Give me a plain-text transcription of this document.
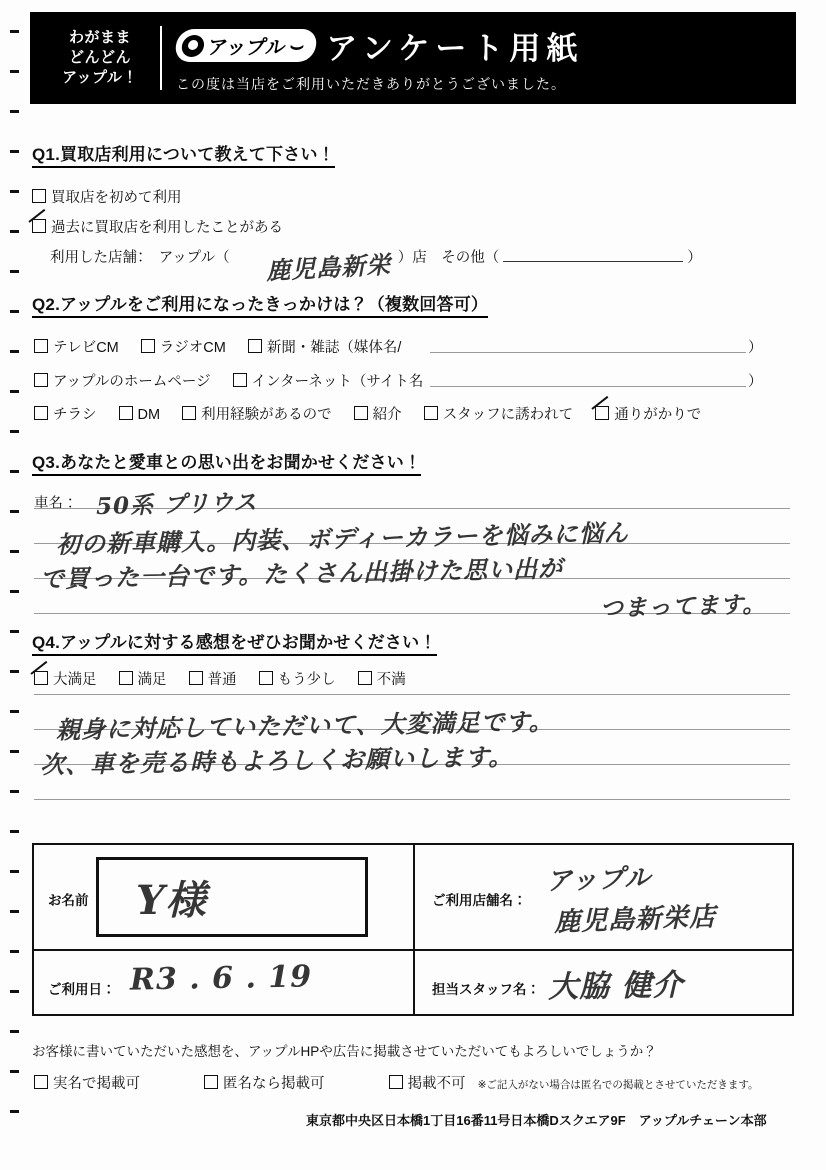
わがまま
どんどん
アップル！
アップル ⌣ アンケート用紙
この度は当店をご利用いただきありがとうございました。
Q1.買取店利用について教えて下さい！
買取店を初めて利用
過去に買取店を利用したことがある
利用した店舗：　アップル（	）店　その他（	）
鹿児島新栄
Q2.アップルをご利用になったきっかけは？（複数回答可）
テレビCM	ラジオCM	新聞・雑誌（媒体名/	）
アップルのホームページ	インターネット（サイト名	）
チラシ	DM	利用経験があるので	紹介	スタッフに誘われて	通りがかりで
Q3.あなたと愛車との思い出をお聞かせください！
車名： 50系 プリウス
初の新車購入。内装、ボディーカラーを悩みに悩ん
で買った一台です。たくさん出掛けた思い出が
つまってます。
Q4.アップルに対する感想をぜひお聞かせください！
大満足	満足	普通	もう少し	不満
親身に対応していただいて、大変満足です。
次、車を売る時もよろしくお願いします。
お名前 Y様	ご利用店舗名：
アップル
鹿児島新栄店
ご利用日： R3 . 6 . 19	担当スタッフ名： 大脇 健介
お客様に書いていただいた感想を、アップルHPや広告に掲載させていただいてもよろしいでしょうか？
実名で掲載可	匿名なら掲載可	掲載不可 ※ご記入がない場合は匿名での掲載とさせていただきます。
東京都中央区日本橋1丁目16番11号日本橋Dスクエア9F　アップルチェーン本部
